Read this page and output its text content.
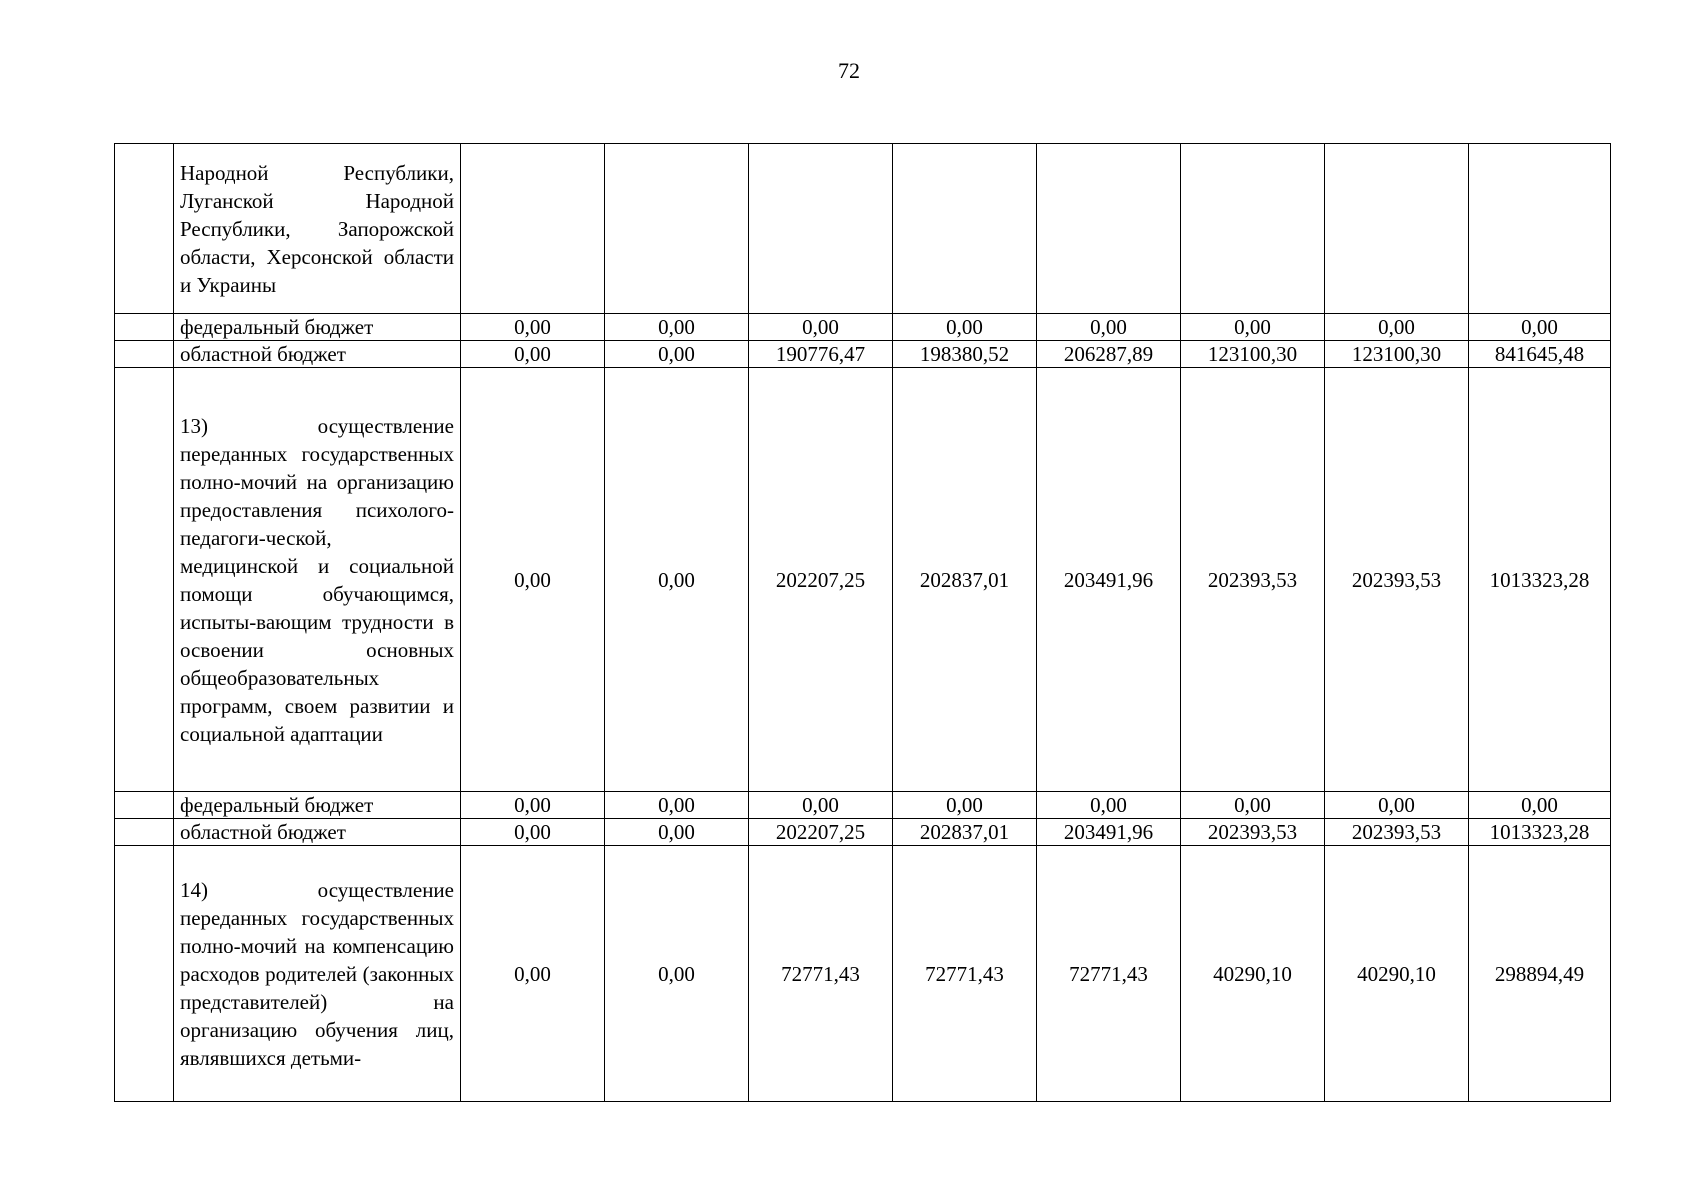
72
	Народной Республики, Луганской Народной Республики, Запорожской области, Херсонской области и Украины								
	федеральный бюджет	0,00	0,00	0,00	0,00	0,00	0,00	0,00	0,00
	областной бюджет	0,00	0,00	190776,47	198380,52	206287,89	123100,30	123100,30	841645,48
	13) осуществление переданных государственных полно-мочий на организацию предоставления психолого-педагоги-ческой, медицинской и социальной помощи обучающимся, испыты-вающим трудности в освоении основных общеобразовательных программ, своем развитии и социальной адаптации	0,00	0,00	202207,25	202837,01	203491,96	202393,53	202393,53	1013323,28
	федеральный бюджет	0,00	0,00	0,00	0,00	0,00	0,00	0,00	0,00
	областной бюджет	0,00	0,00	202207,25	202837,01	203491,96	202393,53	202393,53	1013323,28
	14) осуществление переданных государственных полно-мочий на компенсацию расходов родителей (законных представителей) на организацию обучения лиц, являвшихся детьми-	0,00	0,00	72771,43	72771,43	72771,43	40290,10	40290,10	298894,49
